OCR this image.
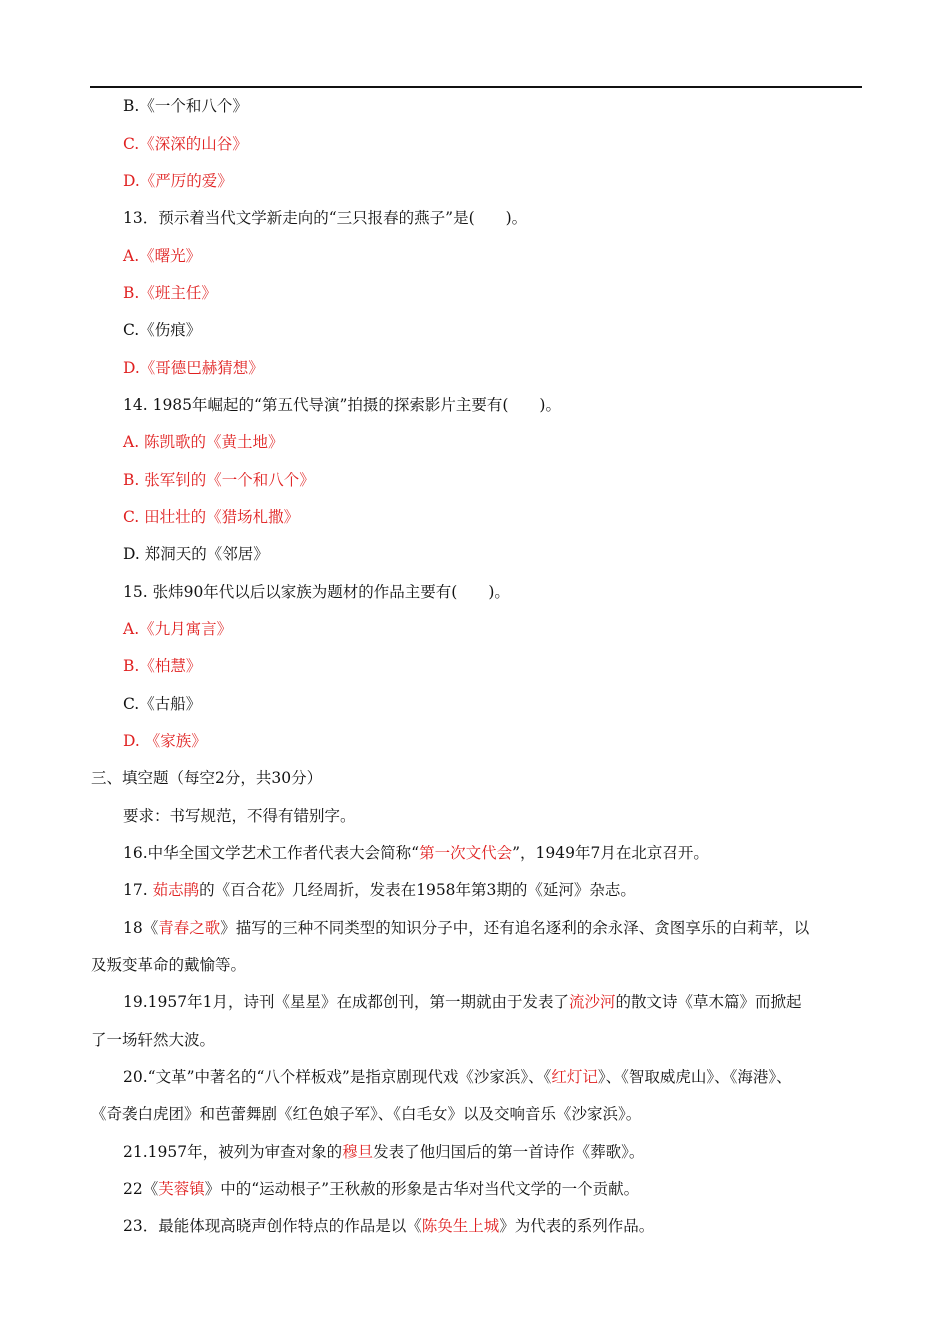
B.《一个和八个》
C.《深深的山谷》
D.《严厉的爱》
13．预示着当代文学新走向的“三只报春的燕子”是(　　)。
A.《曙光》
B.《班主任》
C.《伤痕》
D.《哥德巴赫猜想》
14. 1985年崛起的“第五代导演”拍摄的探索影片主要有(　　)。
A. 陈凯歌的《黄土地》
B. 张军钊的《一个和八个》
C. 田壮壮的《猎场札撒》
D. 郑洞天的《邻居》
15. 张炜90年代以后以家族为题材的作品主要有(　　)。
A.《九月寓言》
B.《柏慧》
C.《古船》
D. 《家族》
三、填空题（每空2分，共30分）
要求：书写规范，不得有错别字。
16.中华全国文学艺术工作者代表大会简称“第一次文代会”，1949年7月在北京召开。
17. 茹志鹃的《百合花》几经周折，发表在1958年第3期的《延河》杂志。
18《青春之歌》描写的三种不同类型的知识分子中，还有追名逐利的余永泽、贪图享乐的白莉苹，以
及叛变革命的戴愉等。
19.1957年1月，诗刊《星星》在成都创刊，第一期就由于发表了流沙河的散文诗《草木篇》而掀起
了一场轩然大波。
20.“文革”中著名的“八个样板戏”是指京剧现代戏《沙家浜》、《红灯记》、《智取威虎山》、《海港》、
《奇袭白虎团》和芭蕾舞剧《红色娘子军》、《白毛女》以及交响音乐《沙家浜》。
21.1957年，被列为审查对象的穆旦发表了他归国后的第一首诗作《葬歌》。
22《芙蓉镇》中的“运动根子”王秋赦的形象是古华对当代文学的一个贡献。
23．最能体现高晓声创作特点的作品是以《陈奂生上城》为代表的系列作品。
